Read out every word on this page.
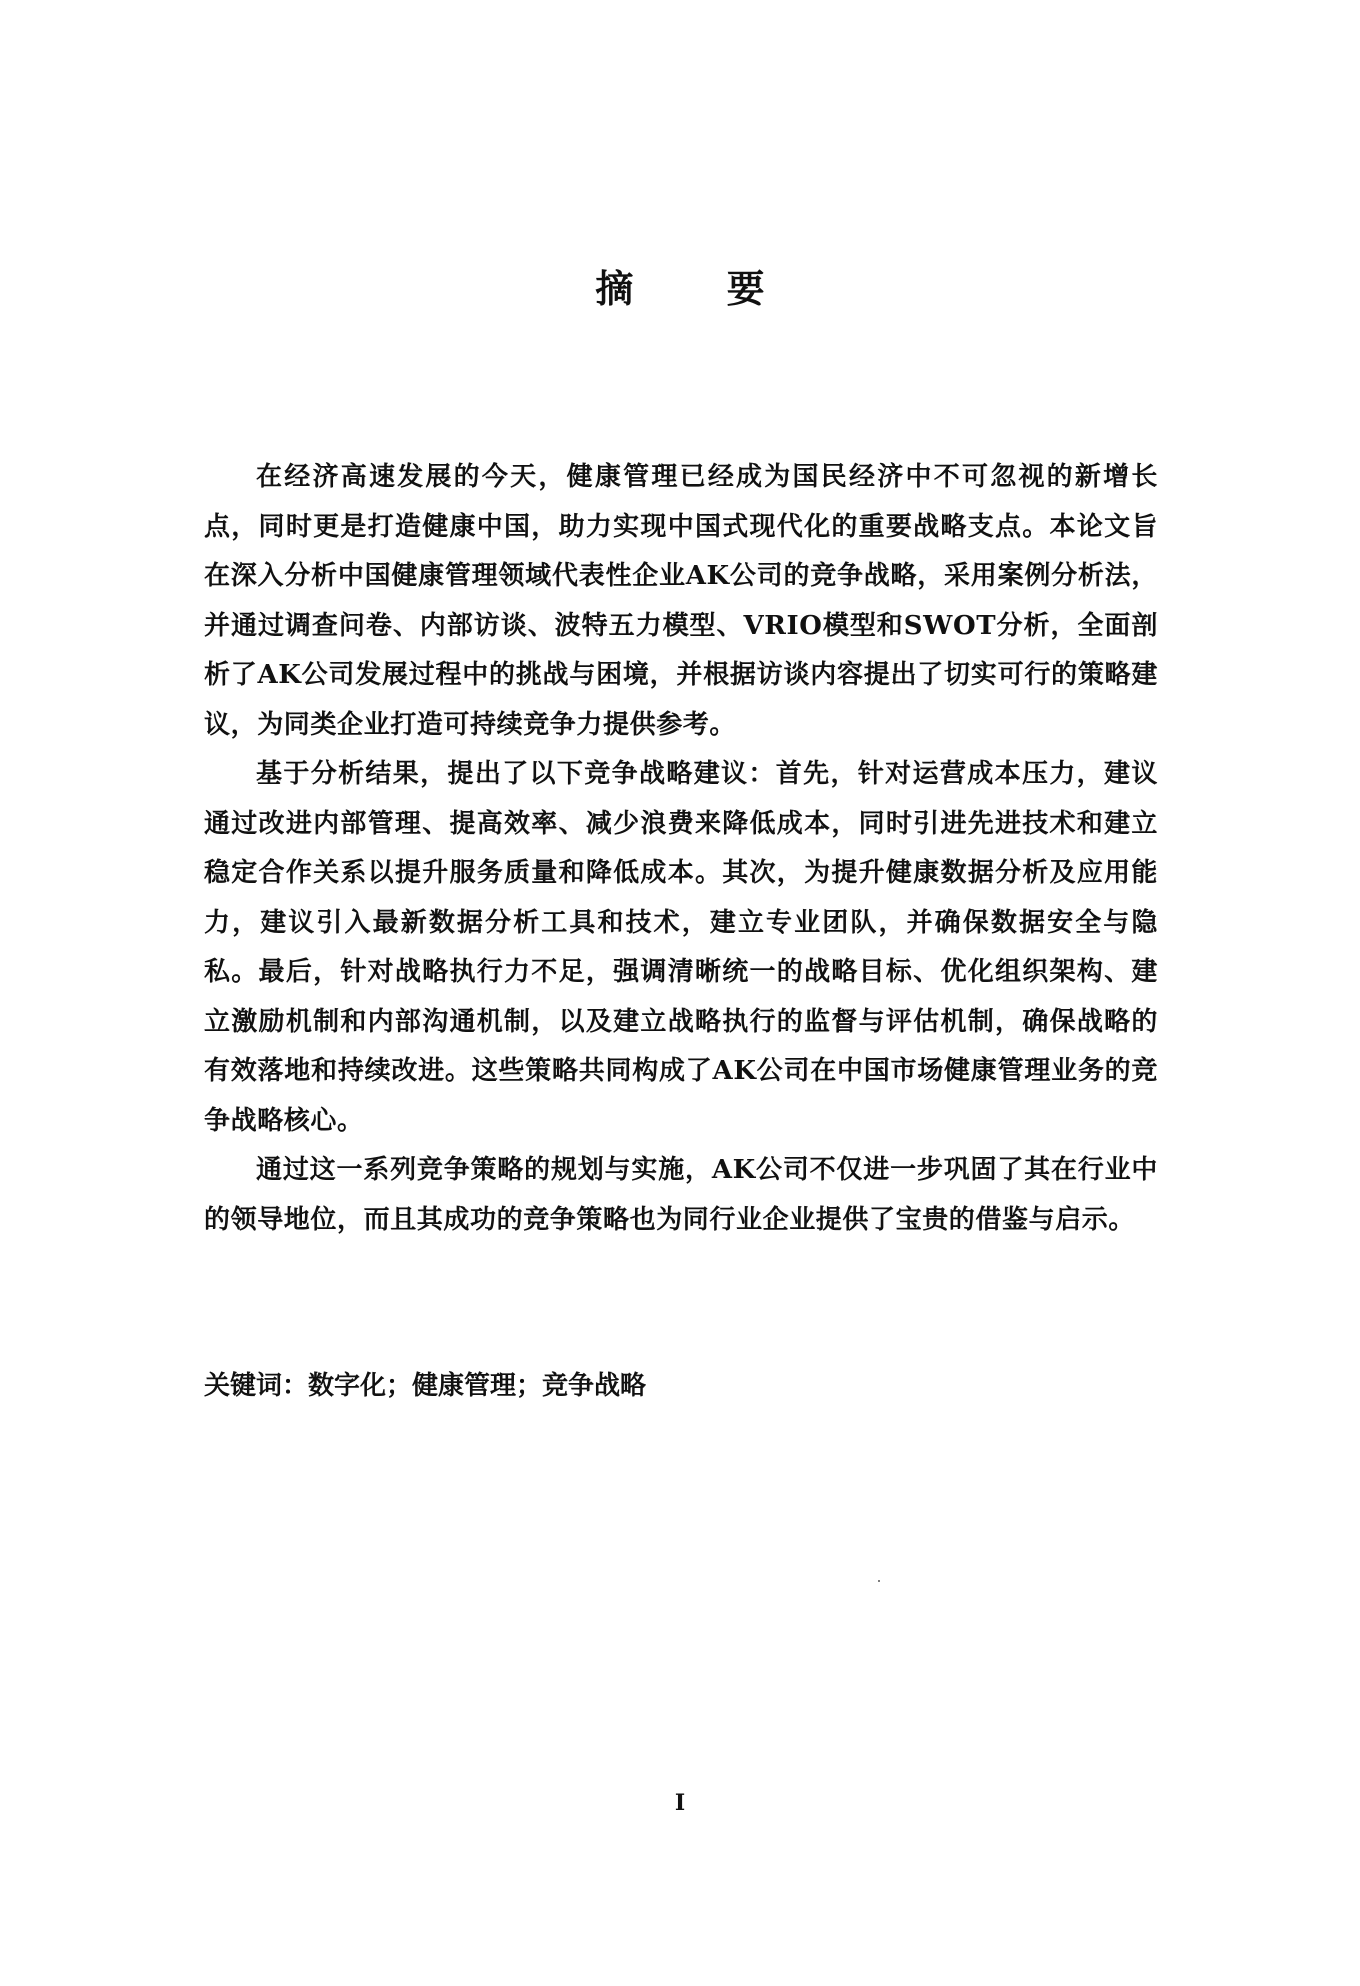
摘 要

在经济高速发展的今天，健康管理已经成为国民经济中不可忽视的新增长点，同时更是打造健康中国，助力实现中国式现代化的重要战略支点。本论文旨在深入分析中国健康管理领域代表性企业AK公司的竞争战略，采用案例分析法，并通过调查问卷、内部访谈、波特五力模型、VRIO模型和SWOT分析，全面剖析了AK公司发展过程中的挑战与困境，并根据访谈内容提出了切实可行的策略建议，为同类企业打造可持续竞争力提供参考。

基于分析结果，提出了以下竞争战略建议：首先，针对运营成本压力，建议通过改进内部管理、提高效率、减少浪费来降低成本，同时引进先进技术和建立稳定合作关系以提升服务质量和降低成本。其次，为提升健康数据分析及应用能力，建议引入最新数据分析工具和技术，建立专业团队，并确保数据安全与隐私。最后，针对战略执行力不足，强调清晰统一的战略目标、优化组织架构、建立激励机制和内部沟通机制，以及建立战略执行的监督与评估机制，确保战略的有效落地和持续改进。这些策略共同构成了AK公司在中国市场健康管理业务的竞争战略核心。

通过这一系列竞争策略的规划与实施，AK公司不仅进一步巩固了其在行业中的领导地位，而且其成功的竞争策略也为同行业企业提供了宝贵的借鉴与启示。

关键词：数字化；健康管理；竞争战略

I
